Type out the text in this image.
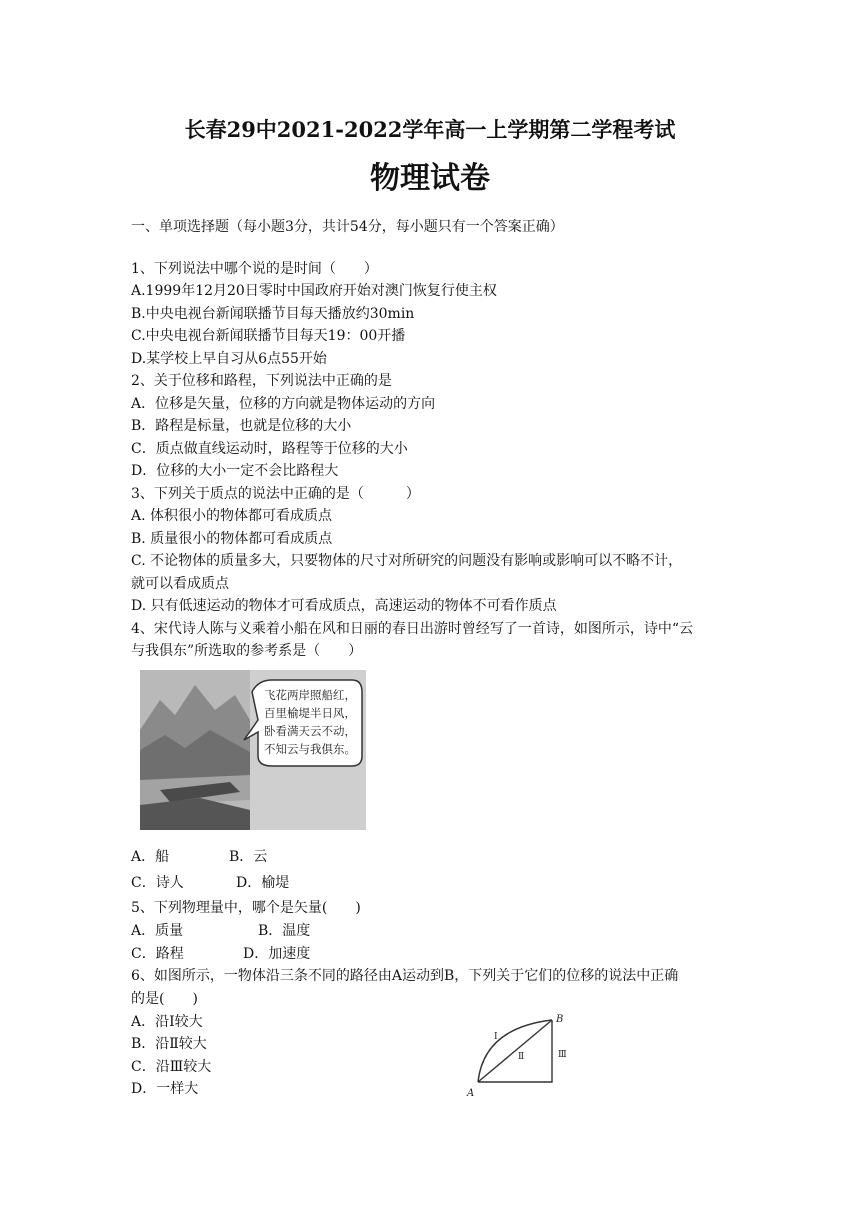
长春29中2021-2022学年高一上学期第二学程考试
物理试卷
一、单项选择题（每小题3分，共计54分，每小题只有一个答案正确）
1、下列说法中哪个说的是时间（　　）
A.1999年12月20日零时中国政府开始对澳门恢复行使主权
B.中央电视台新闻联播节目每天播放约30min
C.中央电视台新闻联播节目每天19：00开播
D.某学校上早自习从6点55开始
2、关于位移和路程，下列说法中正确的是
A．位移是矢量，位移的方向就是物体运动的方向
B．路程是标量，也就是位移的大小
C．质点做直线运动时，路程等于位移的大小
D．位移的大小一定不会比路程大
3、下列关于质点的说法中正确的是（　　　）
A. 体积很小的物体都可看成质点
B. 质量很小的物体都可看成质点
C. 不论物体的质量多大，只要物体的尺寸对所研究的问题没有影响或影响可以不略不计，
就可以看成质点
D. 只有低速运动的物体才可看成质点，高速运动的物体不可看作质点
4、宋代诗人陈与义乘着小船在风和日丽的春日出游时曾经写了一首诗，如图所示，诗中“云
与我俱东”所选取的参考系是（　　）
飞花两岸照船红，
百里榆堤半日风，
卧看满天云不动，
不知云与我俱东。
A．船	B．云
C．诗人	D．榆堤
5、下列物理量中，哪个是矢量(　　)
A．质量	B．温度
C．路程	D．加速度
6、如图所示，一物体沿三条不同的路径由A运动到B，下列关于它们的位移的说法中正确
的是(　　)
A．沿Ⅰ较大
B．沿Ⅱ较大
C．沿Ⅲ较大
D．一样大	A
B
Ⅰ
Ⅱ	Ⅲ
